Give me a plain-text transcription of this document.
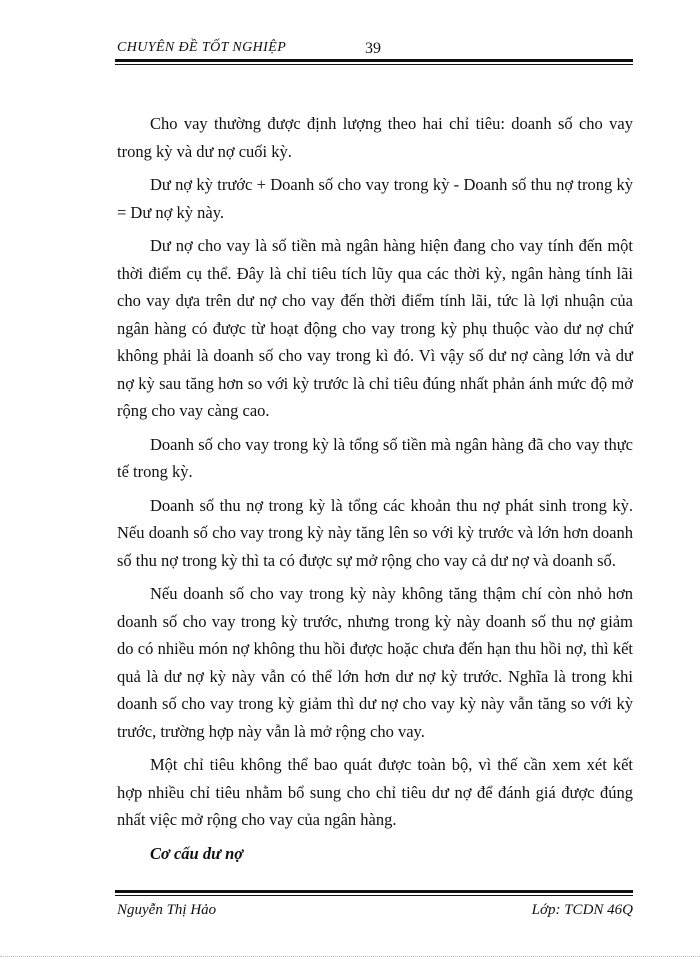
CHUYÊN ĐỀ TỐT NGHIỆP	39

Cho vay thường được định lượng theo hai chỉ tiêu: doanh số cho vay trong kỳ và dư nợ cuối kỳ.

Dư nợ kỳ trước + Doanh số cho vay trong kỳ - Doanh số thu nợ trong kỳ = Dư nợ kỳ này.

Dư nợ cho vay là số tiền mà ngân hàng hiện đang cho vay tính đến một thời điểm cụ thể. Đây là chỉ tiêu tích lũy qua các thời kỳ, ngân hàng tính lãi cho vay dựa trên dư nợ cho vay đến thời điểm tính lãi, tức là lợi nhuận của ngân hàng có được từ hoạt động cho vay trong kỳ phụ thuộc vào dư nợ chứ không phải là doanh số cho vay trong kì đó. Vì vậy số dư nợ càng lớn và dư nợ kỳ sau tăng hơn so với kỳ trước là chỉ tiêu đúng nhất phản ánh mức độ mở rộng cho vay càng cao.

Doanh số cho vay trong kỳ là tổng số tiền mà ngân hàng đã cho vay thực tế trong kỳ.

Doanh số thu nợ trong kỳ là tổng các khoản thu nợ phát sinh trong kỳ. Nếu doanh số cho vay trong kỳ này tăng lên so với kỳ trước và lớn hơn doanh số thu nợ trong kỳ thì ta có được sự mở rộng cho vay cả dư nợ và doanh số.

Nếu doanh số cho vay trong kỳ này không tăng thậm chí còn nhỏ hơn doanh số cho vay trong kỳ trước, nhưng trong kỳ này doanh số thu nợ giảm do có nhiều món nợ không thu hồi được hoặc chưa đến hạn thu hồi nợ, thì kết quả là dư nợ kỳ này vẫn có thể lớn hơn dư nợ kỳ trước. Nghĩa là trong khi doanh số cho vay trong kỳ giảm thì dư nợ cho vay kỳ này vẫn tăng so với kỳ trước, trường hợp này vẫn là mở rộng cho vay.

Một chỉ tiêu không thể bao quát được toàn bộ, vì thế cần xem xét kết hợp nhiều chỉ tiêu nhằm bổ sung cho chỉ tiêu dư nợ để đánh giá được đúng nhất việc mở rộng cho vay của ngân hàng.

Cơ cấu dư nợ

Nguyễn Thị Hảo	Lớp: TCDN 46Q
